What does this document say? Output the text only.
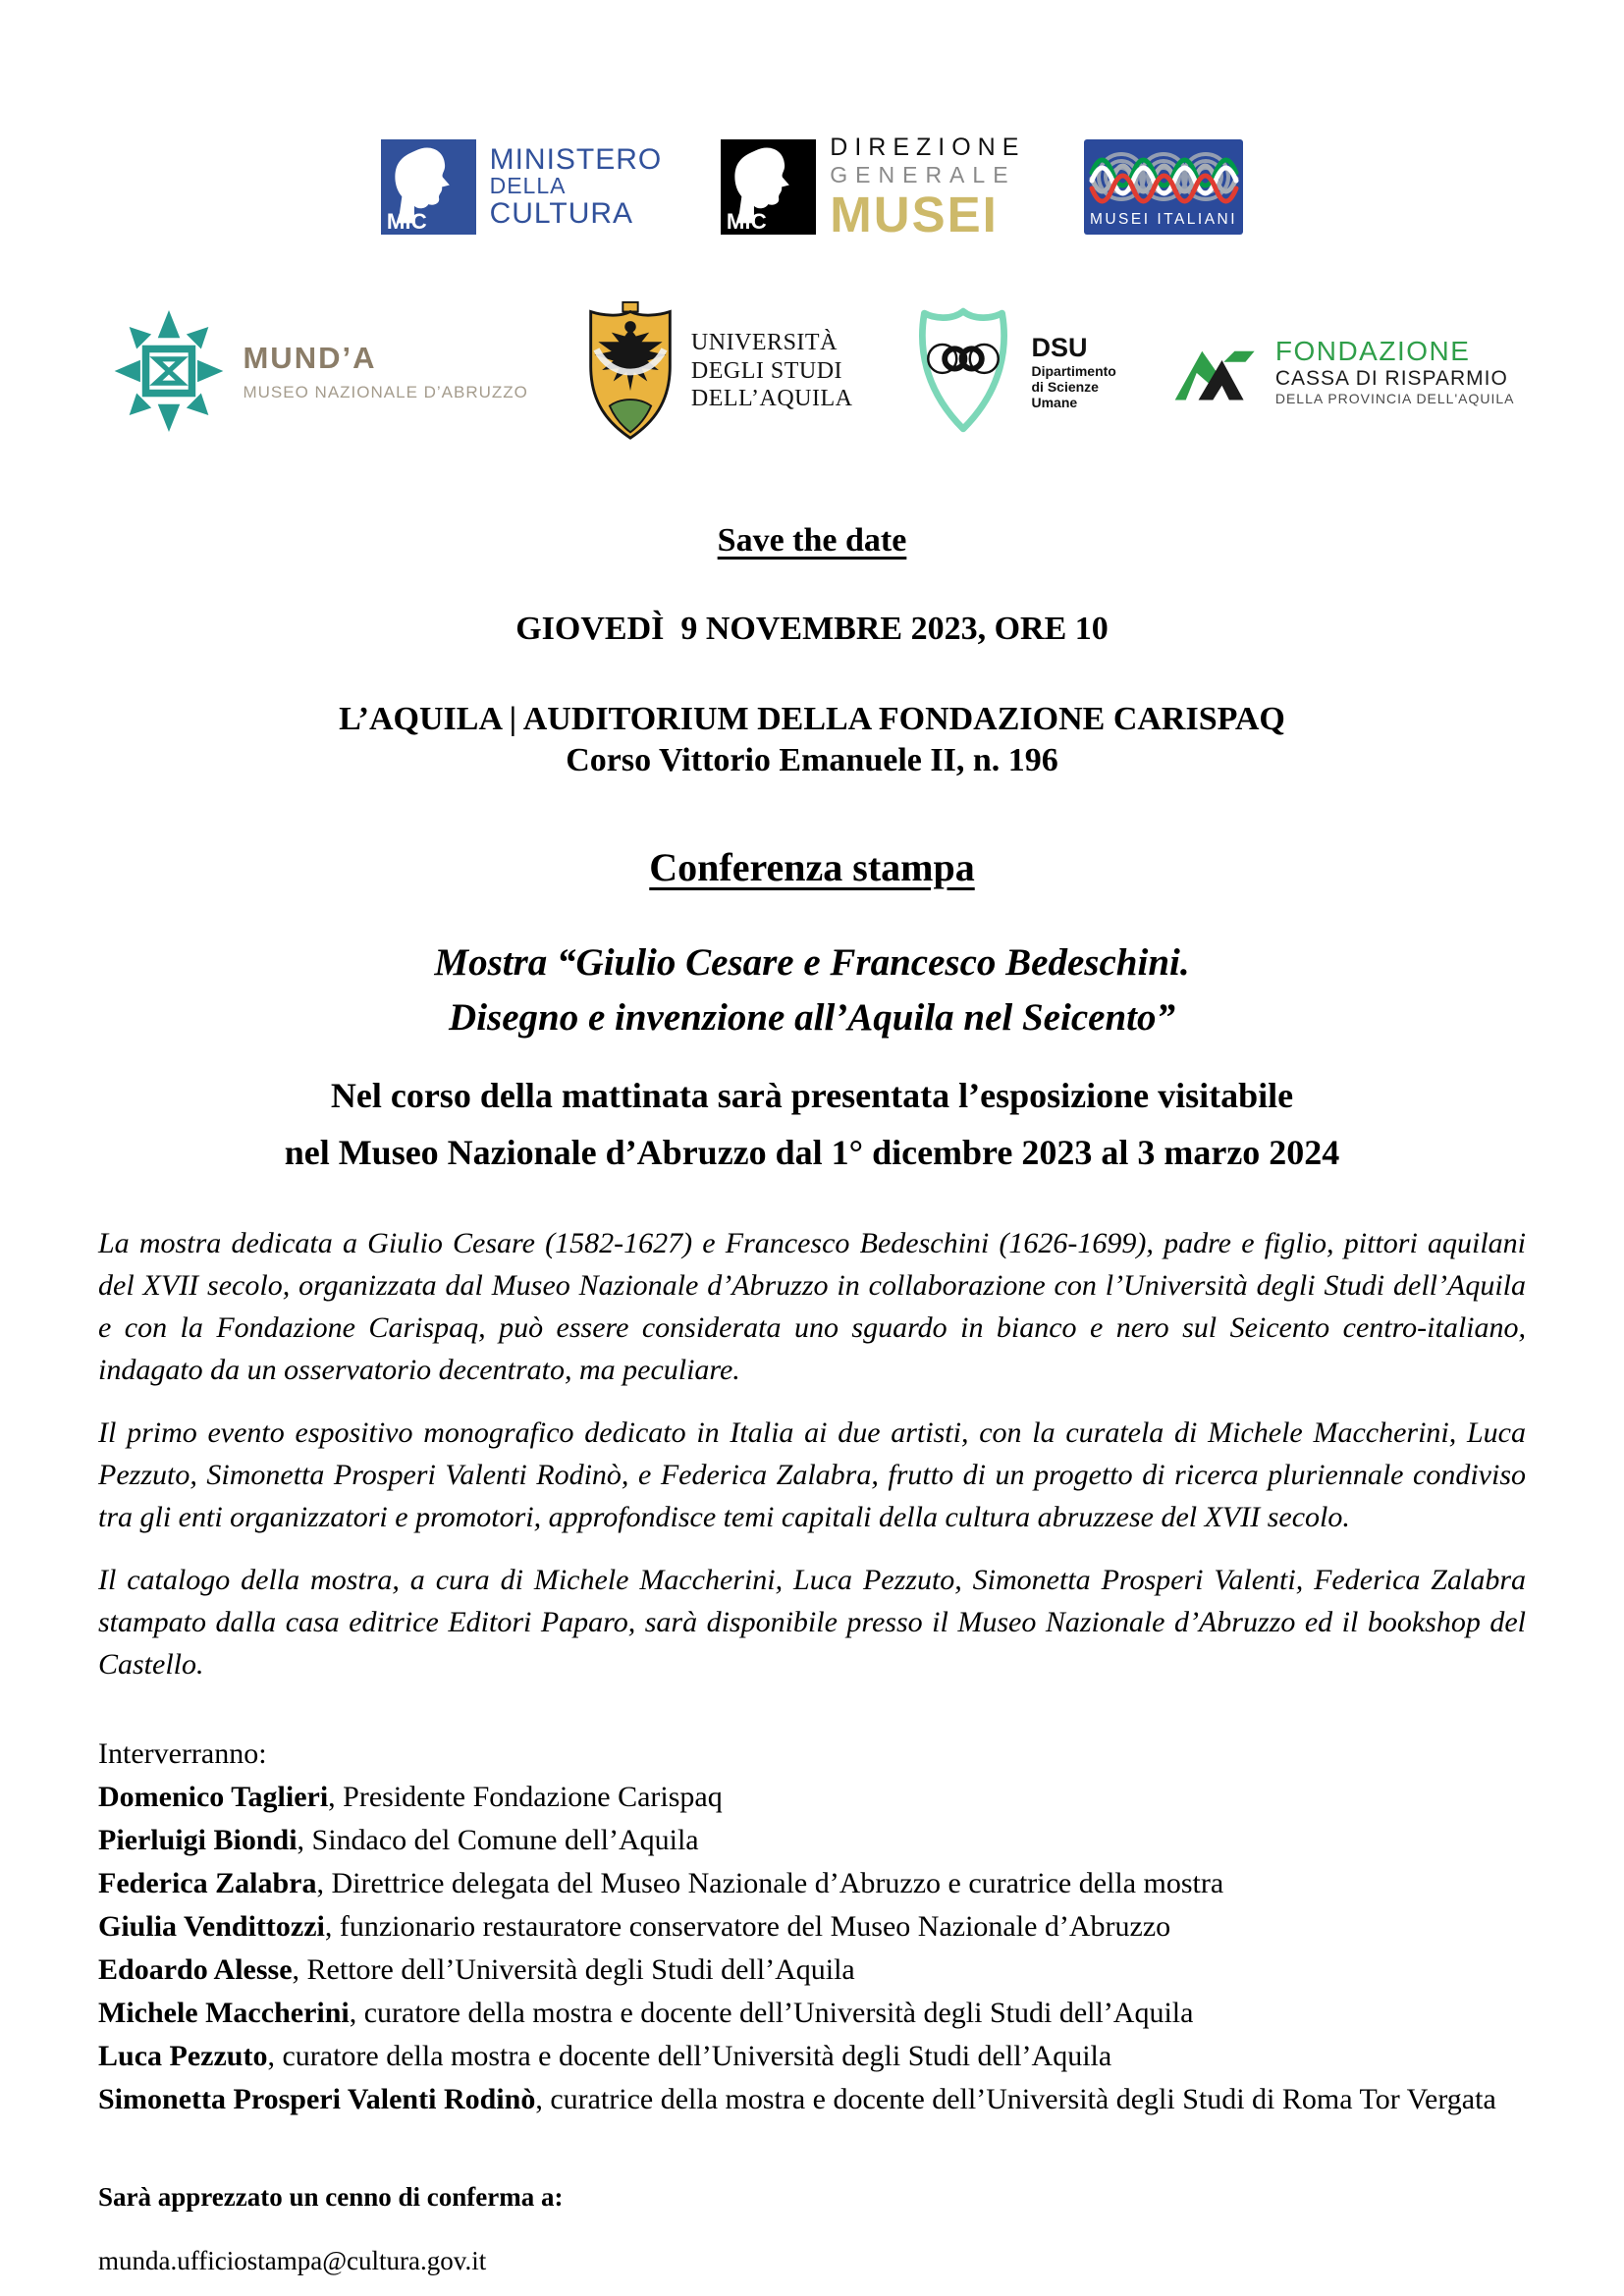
MiC
MINISTERO
DELLA
CULTURA	MiC
DIREZIONE
GENERALE
MUSEI	MUSEI ITALIANI
MUND’A
MUSEO NAZIONALE D’ABRUZZO
UNIVERSITÀ
DEGLI STUDI
DELL’AQUILA
DSU
Dipartimento
di Scienze
Umane
FONDAZIONE
CASSA DI RISPARMIO
DELLA PROVINCIA DELL'AQUILA

Save the date

GIOVEDÌ  9 NOVEMBRE 2023, ORE 10

L’AQUILA | AUDITORIUM DELLA FONDAZIONE CARISPAQ

Corso Vittorio Emanuele II, n. 196

Conferenza stampa

Mostra “Giulio Cesare e Francesco Bedeschini.
Disegno e invenzione all’Aquila nel Seicento”

Nel corso della mattinata sarà presentata l’esposizione visitabile
nel Museo Nazionale d’Abruzzo dal 1° dicembre 2023 al 3 marzo 2024

La mostra dedicata a Giulio Cesare (1582-1627) e Francesco Bedeschini (1626-1699), padre e figlio, pittori aquilani del XVII secolo, organizzata dal Museo Nazionale d’Abruzzo in collaborazione con l’Università degli Studi dell’Aquila e con la Fondazione Carispaq, può essere considerata uno sguardo in bianco e nero sul Seicento centro-italiano, indagato da un osservatorio decentrato, ma peculiare.

Il primo evento espositivo monografico dedicato in Italia ai due artisti, con la curatela di Michele Maccherini, Luca Pezzuto, Simonetta Prosperi Valenti Rodinò, e Federica Zalabra, frutto di un progetto di ricerca pluriennale condiviso tra gli enti organizzatori e promotori, approfondisce temi capitali della cultura abruzzese del XVII secolo.

Il catalogo della mostra, a cura di Michele Maccherini, Luca Pezzuto, Simonetta Prosperi Valenti, Federica Zalabra stampato dalla casa editrice Editori Paparo, sarà disponibile presso il Museo Nazionale d’Abruzzo ed il bookshop del Castello.

Interverranno:

Domenico Taglieri, Presidente Fondazione Carispaq

Pierluigi Biondi, Sindaco del Comune dell’Aquila

Federica Zalabra, Direttrice delegata del Museo Nazionale d’Abruzzo e curatrice della mostra

Giulia Vendittozzi, funzionario restauratore conservatore del Museo Nazionale d’Abruzzo

Edoardo Alesse, Rettore dell’Università degli Studi dell’Aquila

Michele Maccherini, curatore della mostra e docente dell’Università degli Studi dell’Aquila

Luca Pezzuto, curatore della mostra e docente dell’Università degli Studi dell’Aquila

Simonetta Prosperi Valenti Rodinò, curatrice della mostra e docente dell’Università degli Studi di Roma Tor Vergata

Sarà apprezzato un cenno di conferma a:

munda.ufficiostampa@cultura.gov.it
